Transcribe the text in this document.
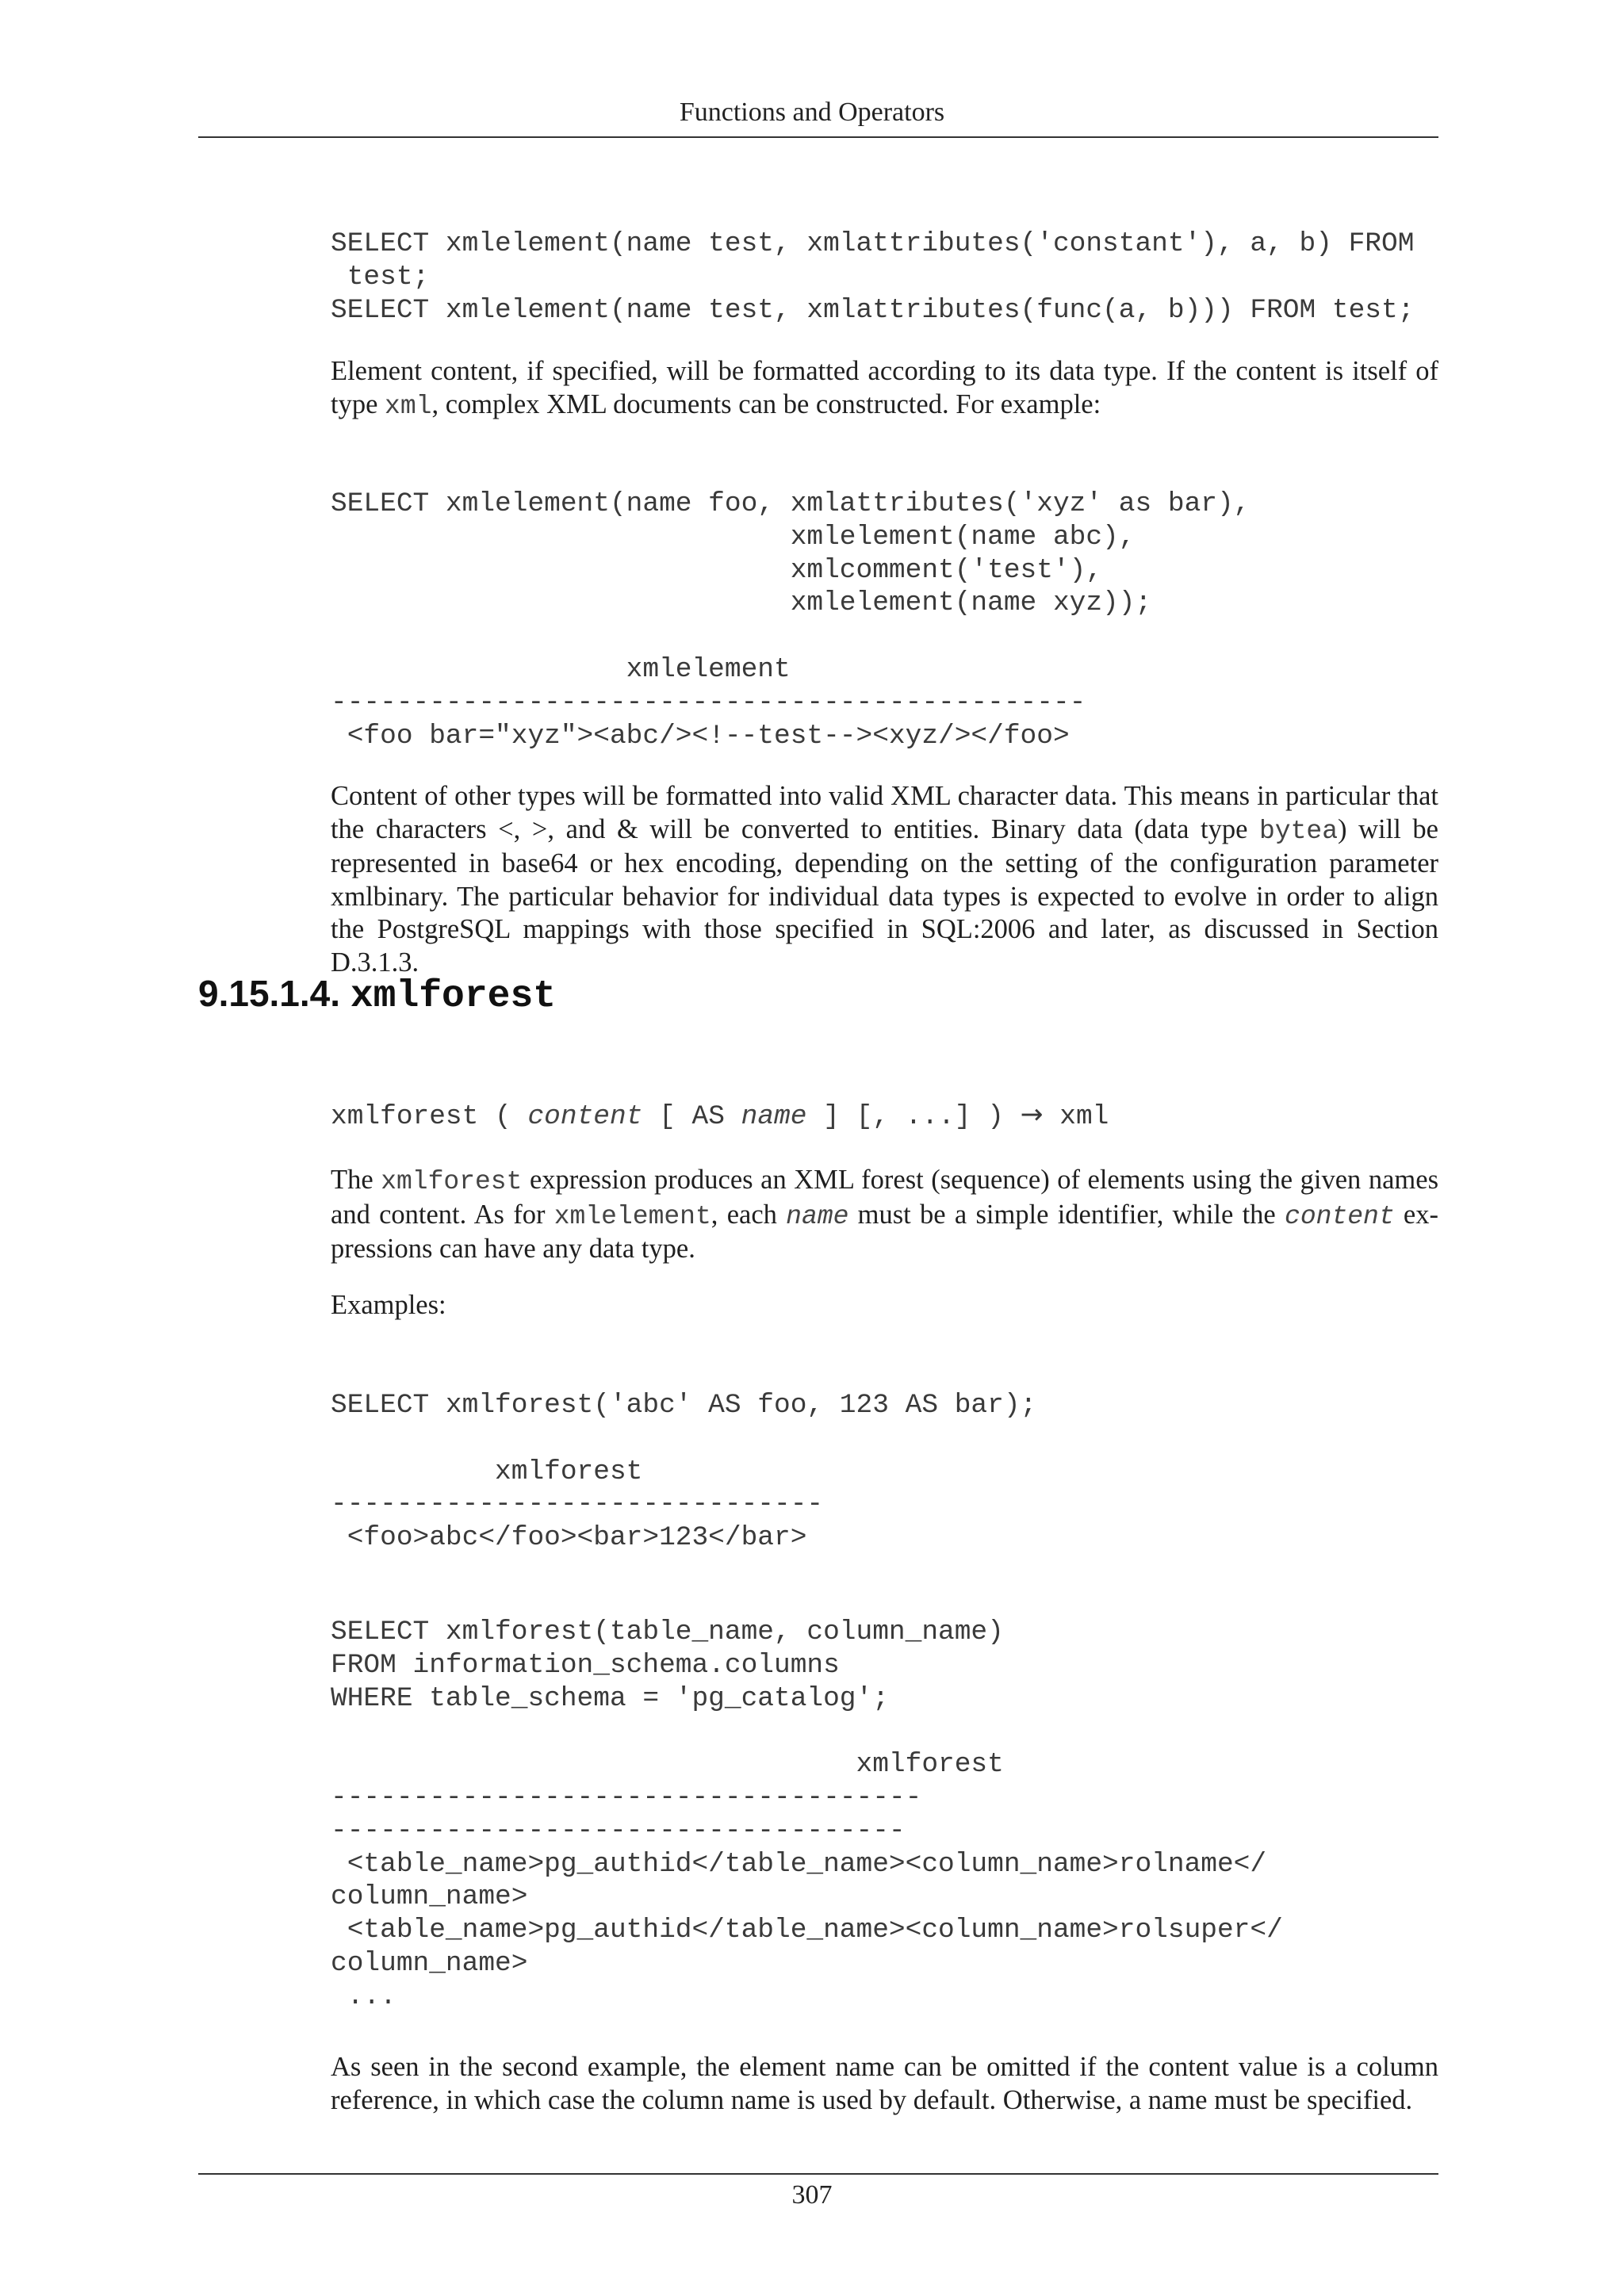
Functions and Operators
SELECT xmlelement(name test, xmlattributes('constant'), a, b) FROM
test;
SELECT xmlelement(name test, xmlattributes(func(a, b))) FROM test;

Element content, if specified, will be formatted according to its data type. If the content is itself of type xml, complex XML documents can be constructed. For example:

SELECT xmlelement(name foo, xmlattributes('xyz' as bar),
xmlelement(name abc),
xmlcomment('test'),
xmlelement(name xyz));

xmlelement
----------------------------------------------
<foo bar="xyz"><abc/><!--test--><xyz/></foo>

Content of other types will be formatted into valid XML character data. This means in particular that the characters <, >, and & will be converted to entities. Binary data (data type bytea) will be represented in base64 or hex encoding, depending on the setting of the configuration parameter xmlbinary. The particular behavior for individual data types is expected to evolve in order to align the PostgreSQL mappings with those specified in SQL:2006 and later, as discussed in Section D.3.1.3.

9.15.1.4. xmlforest
xmlforest ( content [ AS name ] [, ...] ) → xml

The xmlforest expression produces an XML forest (sequence) of elements using the given names and content. As for xmlelement, each name must be a simple identifier, while the content expressions can have any data type.

Examples:

SELECT xmlforest('abc' AS foo, 123 AS bar);

xmlforest
------------------------------
<foo>abc</foo><bar>123</bar>
SELECT xmlforest(table_name, column_name)
FROM information_schema.columns
WHERE table_schema = 'pg_catalog';

xmlforest
------------------------------------
-----------------------------------
<table_name>pg_authid</table_name><column_name>rolname</
column_name>
<table_name>pg_authid</table_name><column_name>rolsuper</
column_name>
...

As seen in the second example, the element name can be omitted if the content value is a column reference, in which case the column name is used by default. Otherwise, a name must be specified.

307
